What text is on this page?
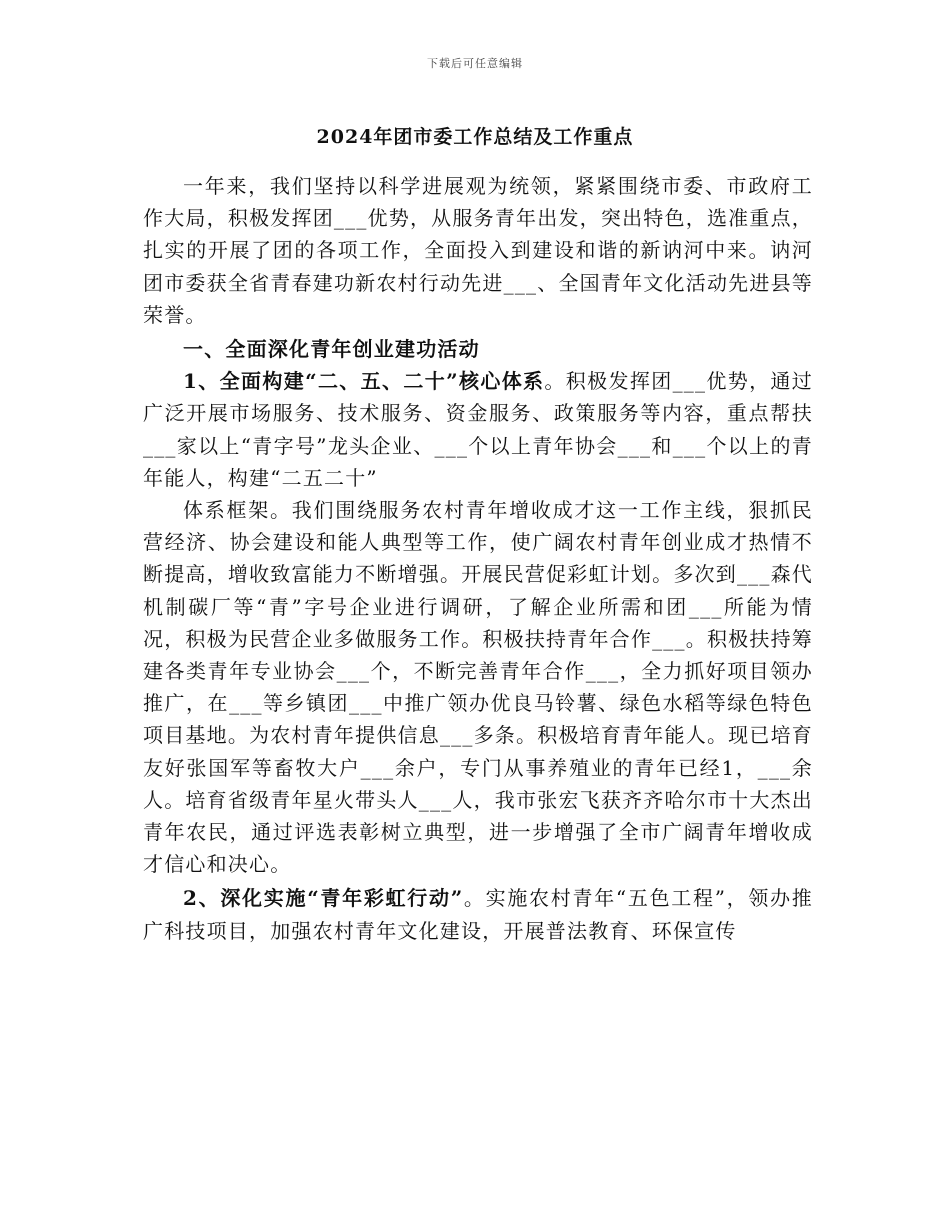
下载后可任意编辑
2024年团市委工作总结及工作重点

一年来，我们坚持以科学进展观为统领，紧紧围绕市委、市政府工作大局，积极发挥团___优势，从服务青年出发，突出特色，选准重点，扎实的开展了团的各项工作，全面投入到建设和谐的新讷河中来。讷河团市委获全省青春建功新农村行动先进___、全国青年文化活动先进县等荣誉。

一、全面深化青年创业建功活动

1、全面构建“二、五、二十”核心体系。积极发挥团___优势，通过广泛开展市场服务、技术服务、资金服务、政策服务等内容，重点帮扶___家以上“青字号”龙头企业、___个以上青年协会___和___个以上的青年能人，构建“二五二十”

体系框架。我们围绕服务农村青年增收成才这一工作主线，狠抓民营经济、协会建设和能人典型等工作，使广阔农村青年创业成才热情不断提高，增收致富能力不断增强。开展民营促彩虹计划。多次到___森代机制碳厂等“青”字号企业进行调研，了解企业所需和团___所能为情况，积极为民营企业多做服务工作。积极扶持青年合作___。积极扶持筹建各类青年专业协会___个，不断完善青年合作___，全力抓好项目领办推广，在___等乡镇团___中推广领办优良马铃薯、绿色水稻等绿色特色项目基地。为农村青年提供信息___多条。积极培育青年能人。现已培育友好张国军等畜牧大户___余户，专门从事养殖业的青年已经1，___余人。培育省级青年星火带头人___人，我市张宏飞获齐齐哈尔市十大杰出青年农民，通过评选表彰树立典型，进一步增强了全市广阔青年增收成才信心和决心。

2、深化实施“青年彩虹行动”。实施农村青年“五色工程”，领办推广科技项目，加强农村青年文化建设，开展普法教育、环保宣传
